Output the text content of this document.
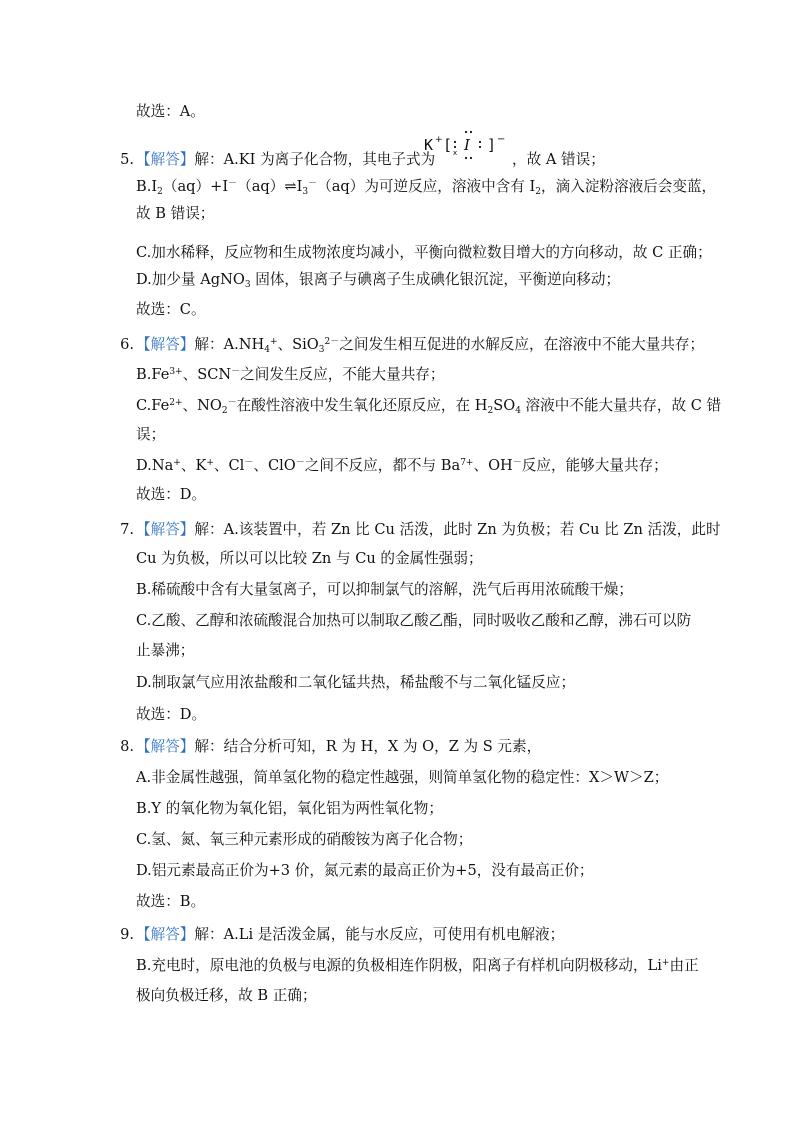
故选：A。
5. 【解答】解：A.KI 为离子化合物，其电子式为
K + [ x I ] −
，故 A 错误；
$B.I_2(aq)+I^-(aq)\rightleftharpoons I_3^-(aq)$为可逆反应，溶液中含有 $I_2$，滴入淀粉溶液后会变蓝，
故 B 错误；
C.加水稀释，反应物和生成物浓度均减小，平衡向微粒数目增大的方向移动，故 C 正确；
D.加少量 AgNO$_3$ 固体，银离子与碘离子生成碘化银沉淀，平衡逆向移动；
故选：C。
6. 【解答】解：$A.NH_4^+$、SiO$_3^{2-}$之间发生相互促进的水解反应，在溶液中不能大量共存；
$B.Fe^{3+}$、SCN－之间发生反应，不能大量共存；
$C.Fe^{2+}$、$NO_2^-$在酸性溶液中发生氧化还原反应，在 $H_2SO_4$ 溶液中不能大量共存，故 C 错
误；
D.Na+、K+、Cl－、ClO－之间不反应，都不与 $Ba^{7+}$、OH－反应，能够大量共存；
故选：D。
7. 【解答】解：A.该装置中，若 Zn 比 Cu 活泼，此时 Zn 为负极；若 Cu 比 Zn 活泼，此时
Cu 为负极，所以可以比较 Zn 与 Cu 的金属性强弱；
B.稀硫酸中含有大量氢离子，可以抑制氯气的溶解，洗气后再用浓硫酸干燥；
C.乙酸、乙醇和浓硫酸混合加热可以制取乙酸乙酯，同时吸收乙酸和乙醇，沸石可以防
止暴沸；
D.制取氯气应用浓盐酸和二氧化锰共热，稀盐酸不与二氧化锰反应；
故选：D。
8. 【解答】解：结合分析可知，R 为 H，X 为 O，Z 为 S 元素，
A.非金属性越强，简单氢化物的稳定性越强，则简单氢化物的稳定性：X＞W＞Z；
B.Y 的氧化物为氧化铝，氧化铝为两性氧化物；
C.氢、氮、氧三种元素形成的硝酸铵为离子化合物；
D.铝元素最高正价为+3 价，氮元素的最高正价为+5，没有最高正价；
故选：B。
9. 【解答】解：A.Li 是活泼金属，能与水反应，可使用有机电解液；
B.充电时，原电池的负极与电源的负极相连作阴极，阳离子有样机向阴极移动，Li+由正
极向负极迁移，故 B 正确；
